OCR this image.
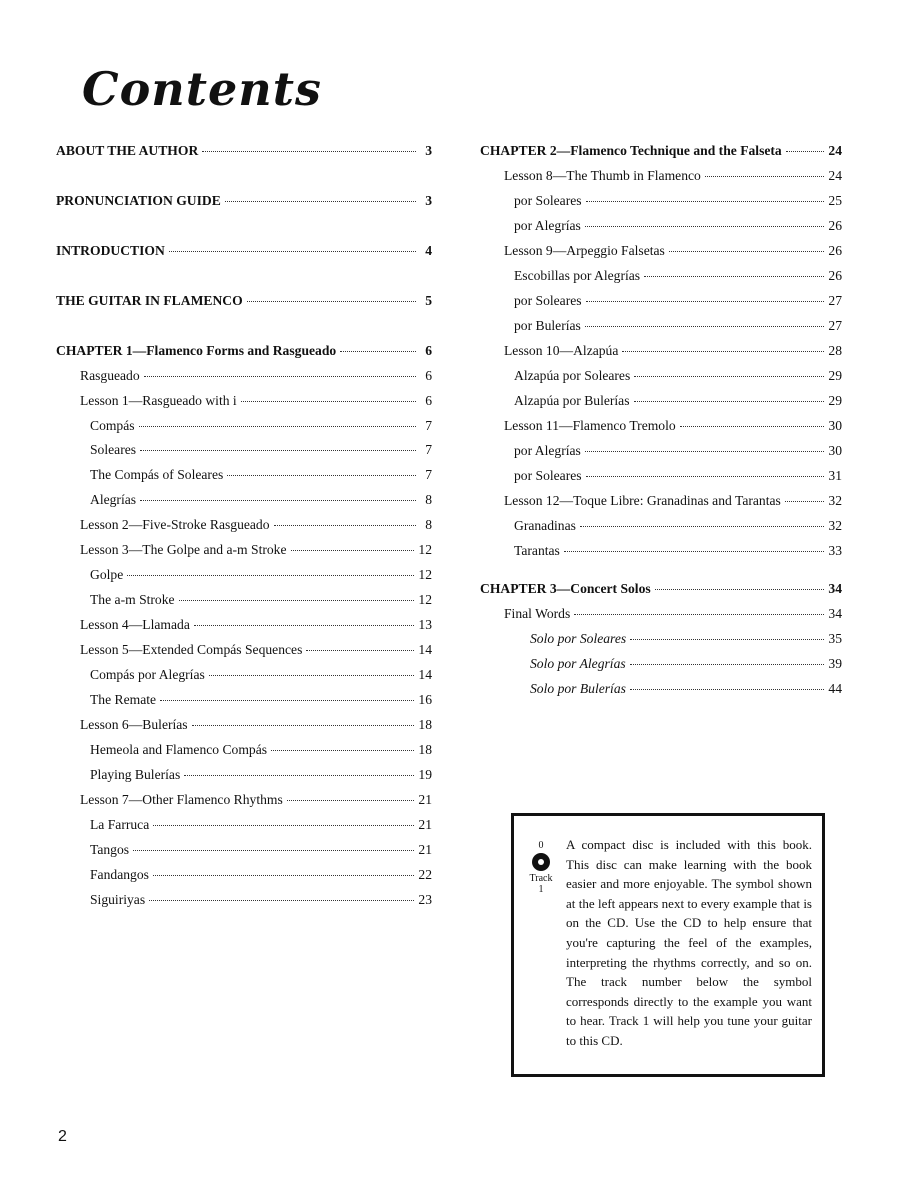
Contents
ABOUT THE AUTHOR	3
PRONUNCIATION GUIDE	3
INTRODUCTION	4
THE GUITAR IN FLAMENCO	5
CHAPTER 1—Flamenco Forms and Rasgueado	6
Rasgueado	6
Lesson 1—Rasgueado with i	6
Compás	7
Soleares	7
The Compás of Soleares	7
Alegrías	8
Lesson 2—Five-Stroke Rasgueado	8
Lesson 3—The Golpe and a-m Stroke	12
Golpe	12
The a-m Stroke	12
Lesson 4—Llamada	13
Lesson 5—Extended Compás Sequences	14
Compás por Alegrías	14
The Remate	16
Lesson 6—Bulerías	18
Hemeola and Flamenco Compás	18
Playing Bulerías	19
Lesson 7—Other Flamenco Rhythms	21
La Farruca	21
Tangos	21
Fandangos	22
Siguiriyas	23
CHAPTER 2—Flamenco Technique and the Falseta	24
Lesson 8—The Thumb in Flamenco	24
por Soleares	25
por Alegrías	26
Lesson 9—Arpeggio Falsetas	26
Escobillas por Alegrías	26
por Soleares	27
por Bulerías	27
Lesson 10—Alzapúa	28
Alzapúa por Soleares	29
Alzapúa por Bulerías	29
Lesson 11—Flamenco Tremolo	30
por Alegrías	30
por Soleares	31
Lesson 12—Toque Libre: Granadinas and Tarantas	32
Granadinas	32
Tarantas	33
CHAPTER 3—Concert Solos	34
Final Words	34
Solo por Soleares	35
Solo por Alegrías	39
Solo por Bulerías	44
0
Track
1
A compact disc is included with this book. This disc can make learning with the book easier and more enjoyable. The symbol shown at the left appears next to every example that is on the CD. Use the CD to help ensure that you're capturing the feel of the examples, interpreting the rhythms correctly, and so on. The track number below the symbol corresponds directly to the example you want to hear. Track 1 will help you tune your guitar to this CD.
2
